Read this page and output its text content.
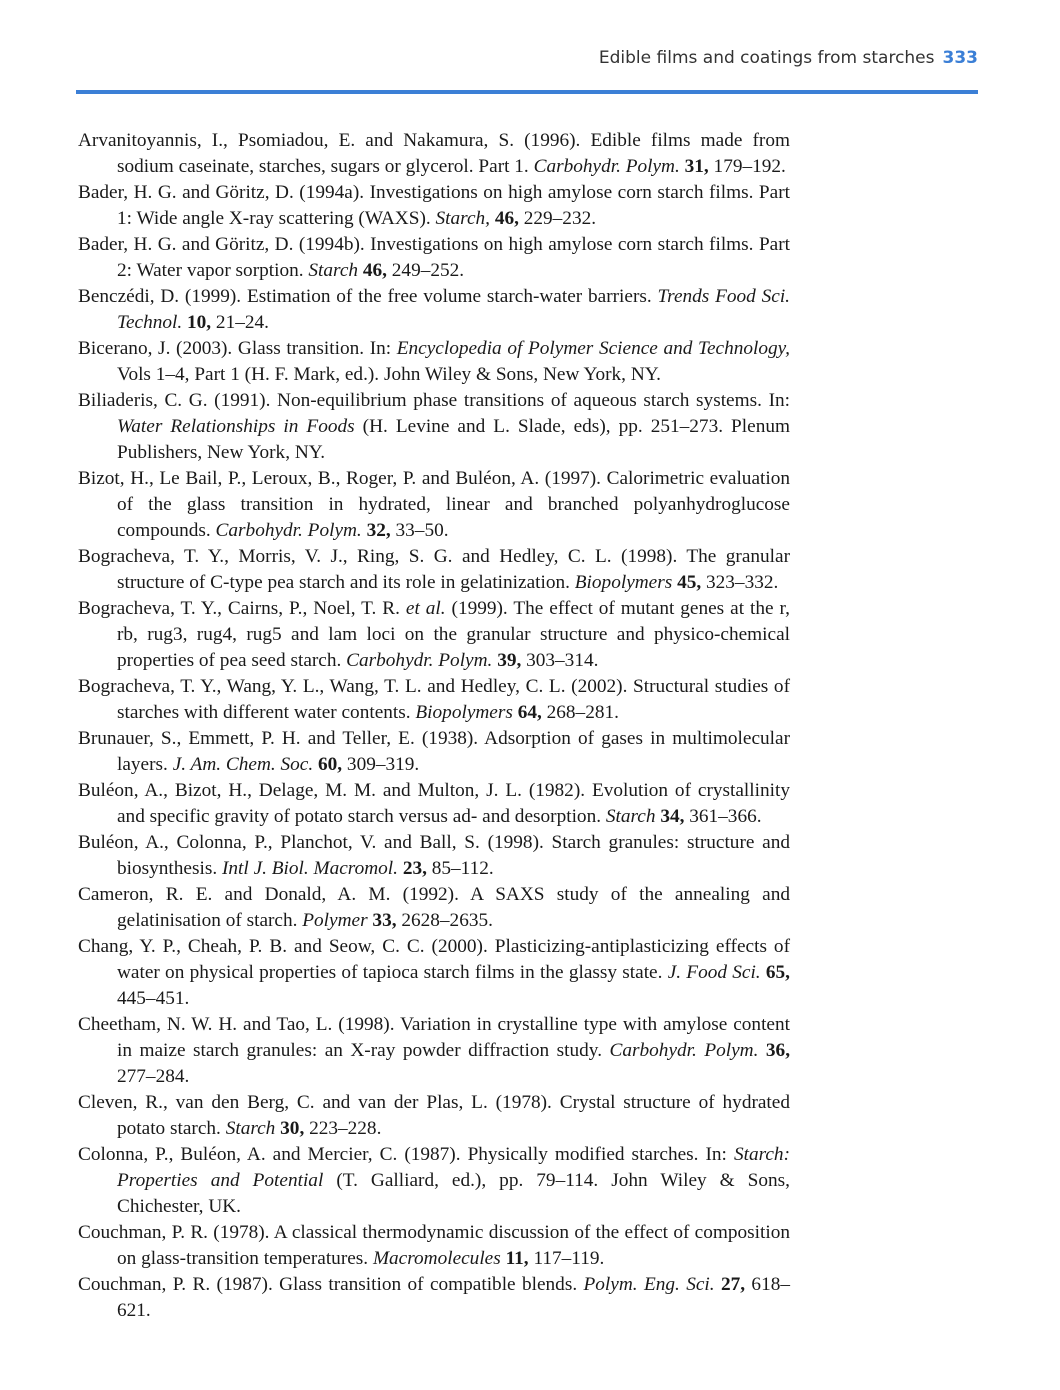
Edible films and coatings from starches 333

Arvanitoyannis, I., Psomiadou, E. and Nakamura, S. (1996). Edible films made from sodium caseinate, starches, sugars or glycerol. Part 1. Carbohydr. Polym. 31, 179–192.

Bader, H. G. and Göritz, D. (1994a). Investigations on high amylose corn starch films. Part 1: Wide angle X-ray scattering (WAXS). Starch, 46, 229–232.

Bader, H. G. and Göritz, D. (1994b). Investigations on high amylose corn starch films. Part 2: Water vapor sorption. Starch 46, 249–252.

Benczédi, D. (1999). Estimation of the free volume starch-water barriers. Trends Food Sci. Technol. 10, 21–24.

Bicerano, J. (2003). Glass transition. In: Encyclopedia of Polymer Science and Technology, Vols 1–4, Part 1 (H. F. Mark, ed.). John Wiley & Sons, New York, NY.

Biliaderis, C. G. (1991). Non-equilibrium phase transitions of aqueous starch systems. In: Water Relationships in Foods (H. Levine and L. Slade, eds), pp. 251–273. Plenum Publishers, New York, NY.

Bizot, H., Le Bail, P., Leroux, B., Roger, P. and Buléon, A. (1997). Calorimetric evaluation of the glass transition in hydrated, linear and branched polyanhydroglucose compounds. Carbohydr. Polym. 32, 33–50.

Bogracheva, T. Y., Morris, V. J., Ring, S. G. and Hedley, C. L. (1998). The granular structure of C-type pea starch and its role in gelatinization. Biopolymers 45, 323–332.

Bogracheva, T. Y., Cairns, P., Noel, T. R. et al. (1999). The effect of mutant genes at the r, rb, rug3, rug4, rug5 and lam loci on the granular structure and physico-chemical properties of pea seed starch. Carbohydr. Polym. 39, 303–314.

Bogracheva, T. Y., Wang, Y. L., Wang, T. L. and Hedley, C. L. (2002). Structural studies of starches with different water contents. Biopolymers 64, 268–281.

Brunauer, S., Emmett, P. H. and Teller, E. (1938). Adsorption of gases in multimolecular layers. J. Am. Chem. Soc. 60, 309–319.

Buléon, A., Bizot, H., Delage, M. M. and Multon, J. L. (1982). Evolution of crystallinity and specific gravity of potato starch versus ad- and desorption. Starch 34, 361–366.

Buléon, A., Colonna, P., Planchot, V. and Ball, S. (1998). Starch granules: structure and biosynthesis. Intl J. Biol. Macromol. 23, 85–112.

Cameron, R. E. and Donald, A. M. (1992). A SAXS study of the annealing and gelatinisation of starch. Polymer 33, 2628–2635.

Chang, Y. P., Cheah, P. B. and Seow, C. C. (2000). Plasticizing-antiplasticizing effects of water on physical properties of tapioca starch films in the glassy state. J. Food Sci. 65, 445–451.

Cheetham, N. W. H. and Tao, L. (1998). Variation in crystalline type with amylose content in maize starch granules: an X-ray powder diffraction study. Carbohydr. Polym. 36, 277–284.

Cleven, R., van den Berg, C. and van der Plas, L. (1978). Crystal structure of hydrated potato starch. Starch 30, 223–228.

Colonna, P., Buléon, A. and Mercier, C. (1987). Physically modified starches. In: Starch: Properties and Potential (T. Galliard, ed.), pp. 79–114. John Wiley & Sons, Chichester, UK.

Couchman, P. R. (1978). A classical thermodynamic discussion of the effect of composition on glass-transition temperatures. Macromolecules 11, 117–119.

Couchman, P. R. (1987). Glass transition of compatible blends. Polym. Eng. Sci. 27, 618–621.
